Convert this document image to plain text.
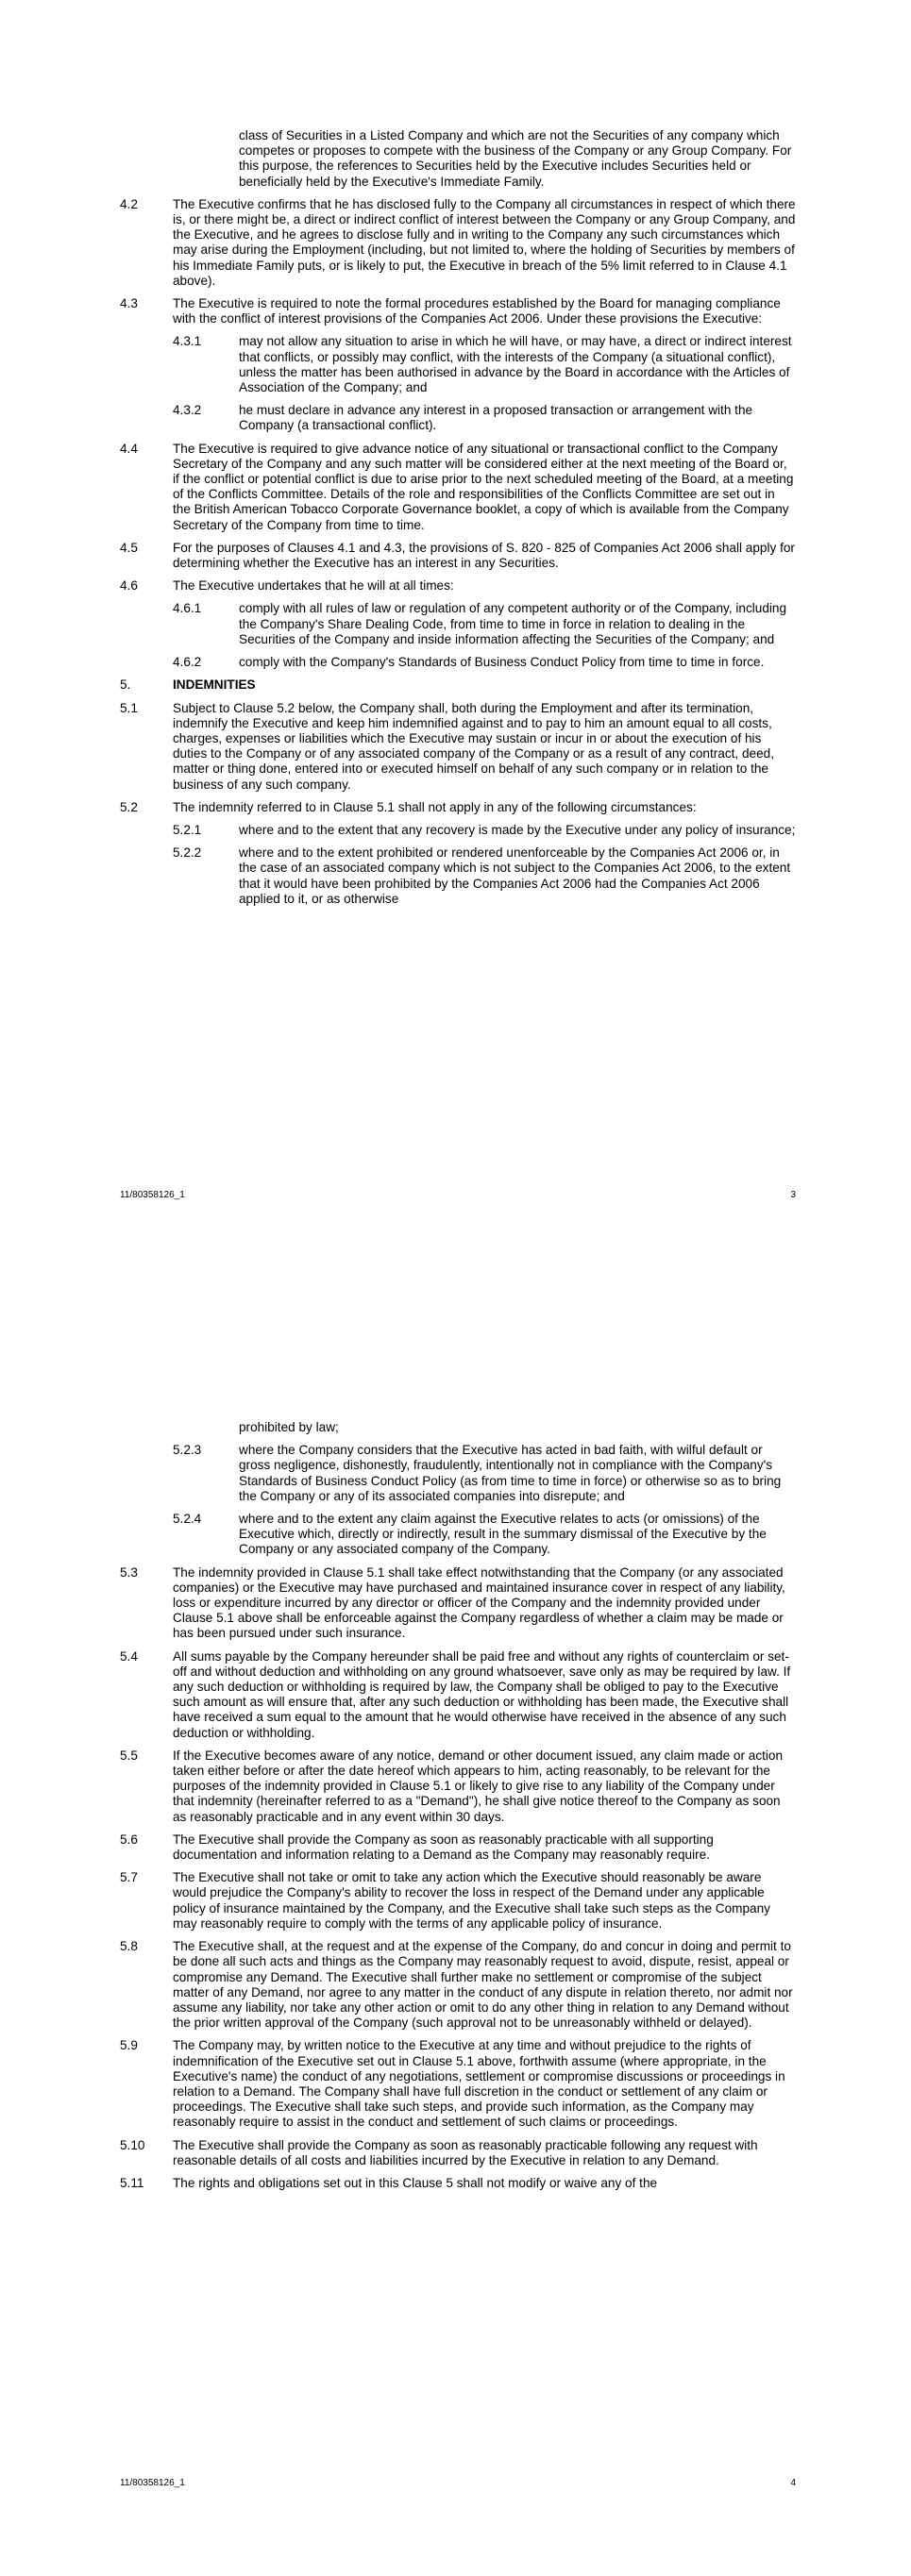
class of Securities in a Listed Company and which are not the Securities of any company which competes or proposes to compete with the business of the Company or any Group Company. For this purpose, the references to Securities held by the Executive includes Securities held or beneficially held by the Executive's Immediate Family.
4.2	The Executive confirms that he has disclosed fully to the Company all circumstances in respect of which there is, or there might be, a direct or indirect conflict of interest between the Company or any Group Company, and the Executive, and he agrees to disclose fully and in writing to the Company any such circumstances which may arise during the Employment (including, but not limited to, where the holding of Securities by members of his Immediate Family puts, or is likely to put, the Executive in breach of the 5% limit referred to in Clause 4.1 above).
4.3	The Executive is required to note the formal procedures established by the Board for managing compliance with the conflict of interest provisions of the Companies Act 2006. Under these provisions the Executive:
4.3.1	may not allow any situation to arise in which he will have, or may have, a direct or indirect interest that conflicts, or possibly may conflict, with the interests of the Company (a situational conflict), unless the matter has been authorised in advance by the Board in accordance with the Articles of Association of the Company; and
4.3.2	he must declare in advance any interest in a proposed transaction or arrangement with the Company (a transactional conflict).
4.4	The Executive is required to give advance notice of any situational or transactional conflict to the Company Secretary of the Company and any such matter will be considered either at the next meeting of the Board or, if the conflict or potential conflict is due to arise prior to the next scheduled meeting of the Board, at a meeting of the Conflicts Committee. Details of the role and responsibilities of the Conflicts Committee are set out in the British American Tobacco Corporate Governance booklet, a copy of which is available from the Company Secretary of the Company from time to time.
4.5	For the purposes of Clauses 4.1 and 4.3, the provisions of S. 820 - 825 of Companies Act 2006 shall apply for determining whether the Executive has an interest in any Securities.
4.6	The Executive undertakes that he will at all times:
4.6.1	comply with all rules of law or regulation of any competent authority or of the Company, including the Company's Share Dealing Code, from time to time in force in relation to dealing in the Securities of the Company and inside information affecting the Securities of the Company; and
4.6.2	comply with the Company's Standards of Business Conduct Policy from time to time in force.
5.	INDEMNITIES
5.1	Subject to Clause 5.2 below, the Company shall, both during the Employment and after its termination, indemnify the Executive and keep him indemnified against and to pay to him an amount equal to all costs, charges, expenses or liabilities which the Executive may sustain or incur in or about the execution of his duties to the Company or of any associated company of the Company or as a result of any contract, deed, matter or thing done, entered into or executed himself on behalf of any such company or in relation to the business of any such company.
5.2	The indemnity referred to in Clause 5.1 shall not apply in any of the following circumstances:
5.2.1	where and to the extent that any recovery is made by the Executive under any policy of insurance;
5.2.2	where and to the extent prohibited or rendered unenforceable by the Companies Act 2006 or, in the case of an associated company which is not subject to the Companies Act 2006, to the extent that it would have been prohibited by the Companies Act 2006 had the Companies Act 2006 applied to it, or as otherwise
11/80358126_1	3
prohibited by law;
5.2.3	where the Company considers that the Executive has acted in bad faith, with wilful default or gross negligence, dishonestly, fraudulently, intentionally not in compliance with the Company's Standards of Business Conduct Policy (as from time to time in force) or otherwise so as to bring the Company or any of its associated companies into disrepute; and
5.2.4	where and to the extent any claim against the Executive relates to acts (or omissions) of the Executive which, directly or indirectly, result in the summary dismissal of the Executive by the Company or any associated company of the Company.
5.3	The indemnity provided in Clause 5.1 shall take effect notwithstanding that the Company (or any associated companies) or the Executive may have purchased and maintained insurance cover in respect of any liability, loss or expenditure incurred by any director or officer of the Company and the indemnity provided under Clause 5.1 above shall be enforceable against the Company regardless of whether a claim may be made or has been pursued under such insurance.
5.4	All sums payable by the Company hereunder shall be paid free and without any rights of counterclaim or set-off and without deduction and withholding on any ground whatsoever, save only as may be required by law. If any such deduction or withholding is required by law, the Company shall be obliged to pay to the Executive such amount as will ensure that, after any such deduction or withholding has been made, the Executive shall have received a sum equal to the amount that he would otherwise have received in the absence of any such deduction or withholding.
5.5	If the Executive becomes aware of any notice, demand or other document issued, any claim made or action taken either before or after the date hereof which appears to him, acting reasonably, to be relevant for the purposes of the indemnity provided in Clause 5.1 or likely to give rise to any liability of the Company under that indemnity (hereinafter referred to as a "Demand"), he shall give notice thereof to the Company as soon as reasonably practicable and in any event within 30 days.
5.6	The Executive shall provide the Company as soon as reasonably practicable with all supporting documentation and information relating to a Demand as the Company may reasonably require.
5.7	The Executive shall not take or omit to take any action which the Executive should reasonably be aware would prejudice the Company's ability to recover the loss in respect of the Demand under any applicable policy of insurance maintained by the Company, and the Executive shall take such steps as the Company may reasonably require to comply with the terms of any applicable policy of insurance.
5.8	The Executive shall, at the request and at the expense of the Company, do and concur in doing and permit to be done all such acts and things as the Company may reasonably request to avoid, dispute, resist, appeal or compromise any Demand. The Executive shall further make no settlement or compromise of the subject matter of any Demand, nor agree to any matter in the conduct of any dispute in relation thereto, nor admit nor assume any liability, nor take any other action or omit to do any other thing in relation to any Demand without the prior written approval of the Company (such approval not to be unreasonably withheld or delayed).
5.9	The Company may, by written notice to the Executive at any time and without prejudice to the rights of indemnification of the Executive set out in Clause 5.1 above, forthwith assume (where appropriate, in the Executive's name) the conduct of any negotiations, settlement or compromise discussions or proceedings in relation to a Demand. The Company shall have full discretion in the conduct or settlement of any claim or proceedings. The Executive shall take such steps, and provide such information, as the Company may reasonably require to assist in the conduct and settlement of such claims or proceedings.
5.10 The Executive shall provide the Company as soon as reasonably practicable following any request with reasonable details of all costs and liabilities incurred by the Executive in relation to any Demand.
5.11 The rights and obligations set out in this Clause 5 shall not modify or waive any of the
11/80358126_1	4
